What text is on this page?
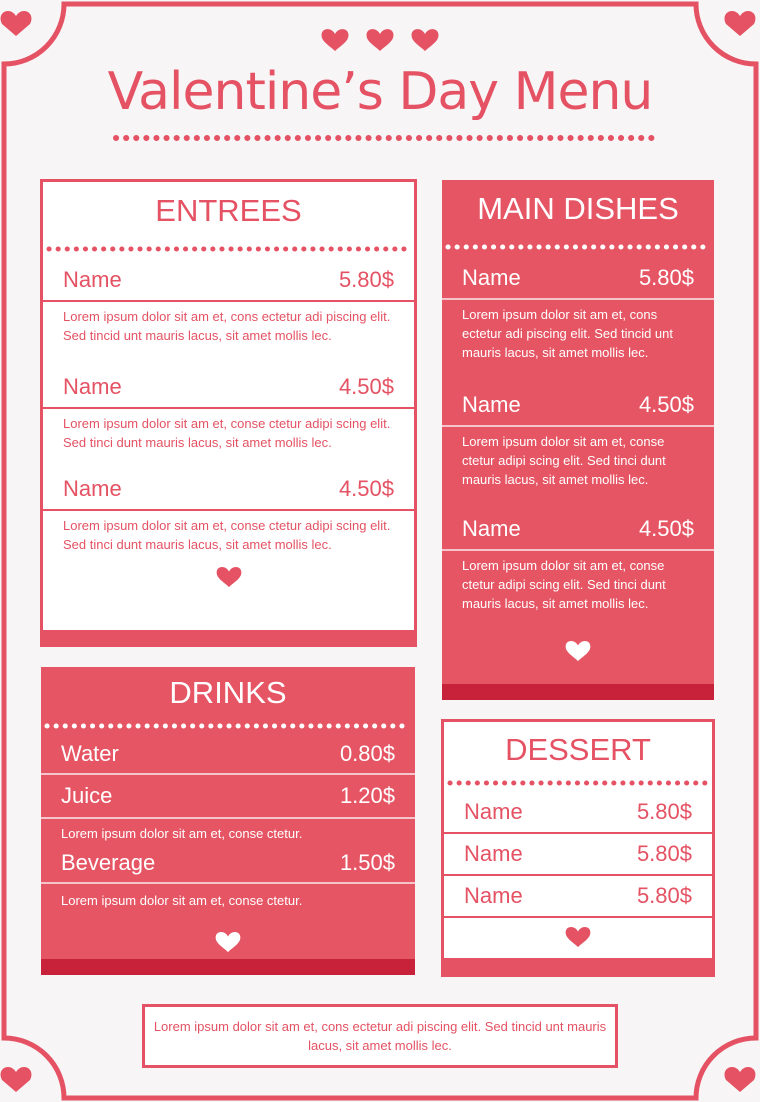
Valentine’s Day Menu
ENTREES
Name	5.80$
Lorem ipsum dolor sit am et, cons ectetur adi piscing elit. Sed tincid unt mauris lacus, sit amet mollis lec.
Name	4.50$
Lorem ipsum dolor sit am et, conse ctetur adipi scing elit. Sed tinci dunt mauris lacus, sit amet mollis lec.
Name	4.50$
Lorem ipsum dolor sit am et, conse ctetur adipi scing elit. Sed tinci dunt mauris lacus, sit amet mollis lec.
MAIN DISHES
Name	5.80$
Lorem ipsum dolor sit am et, cons ectetur adi piscing elit. Sed tincid unt mauris lacus, sit amet mollis lec.
Name	4.50$
Lorem ipsum dolor sit am et, conse ctetur adipi scing elit. Sed tinci dunt mauris lacus, sit amet mollis lec.
Name	4.50$
Lorem ipsum dolor sit am et, conse ctetur adipi scing elit. Sed tinci dunt mauris lacus, sit amet mollis lec.
DRINKS
Water	0.80$
Juice	1.20$
Lorem ipsum dolor sit am et, conse ctetur.
Beverage	1.50$
Lorem ipsum dolor sit am et, conse ctetur.
DESSERT
Name	5.80$
Name	5.80$
Name	5.80$
Lorem ipsum dolor sit am et, cons ectetur adi piscing elit. Sed tincid unt mauris lacus, sit amet mollis lec.
